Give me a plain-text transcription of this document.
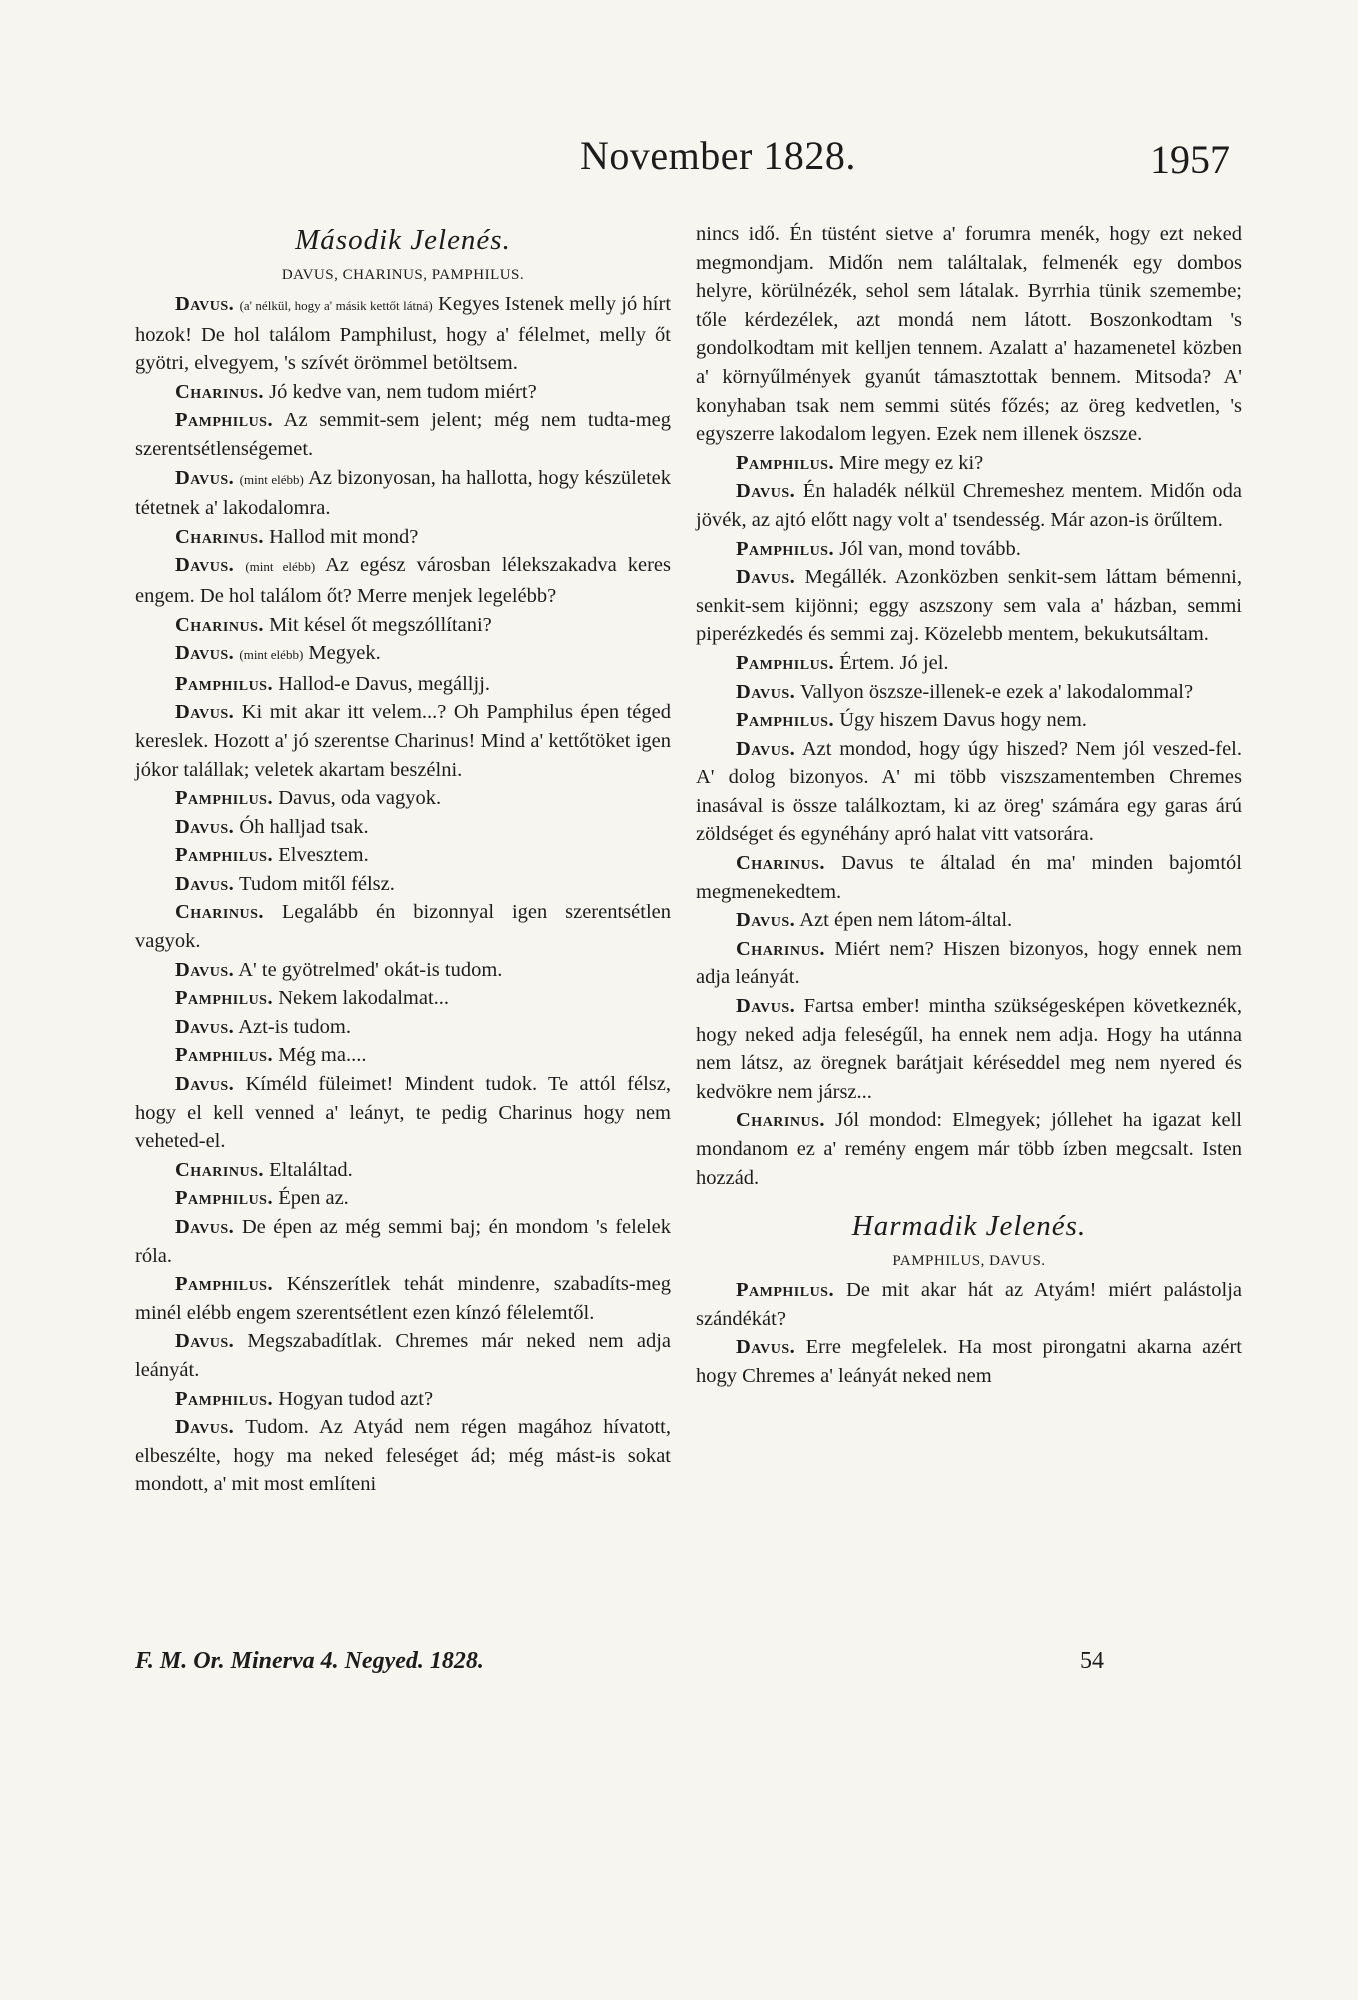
November 1828.	1957

Második Jelenés.

DAVUS, CHARINUS, PAMPHILUS.

Davus. (a' nélkül, hogy a' másik kettőt látná) Kegyes Istenek melly jó hírt hozok! De hol találom Pamphilust, hogy a' félelmet, melly őt gyötri, elvegyem, 's szívét örömmel betöltsem.

Charinus. Jó kedve van, nem tudom miért?

Pamphilus. Az semmit-sem jelent; még nem tudta-meg szerentsétlenségemet.

Davus. (mint elébb) Az bizonyosan, ha hallotta, hogy készületek tétetnek a' lakodalomra.

Charinus. Hallod mit mond?

Davus. (mint elébb) Az egész városban lélekszakadva keres engem. De hol találom őt? Merre menjek legelébb?

Charinus. Mit késel őt megszóllítani?

Davus. (mint elébb) Megyek.

Pamphilus. Hallod-e Davus, megálljj.

Davus. Ki mit akar itt velem...? Oh Pamphilus épen téged kereslek. Hozott a' jó szerentse Charinus! Mind a' kettőtöket igen jókor talállak; veletek akartam beszélni.

Pamphilus. Davus, oda vagyok.

Davus. Óh halljad tsak.

Pamphilus. Elvesztem.

Davus. Tudom mitől félsz.

Charinus. Legalább én bizonnyal igen szerentsétlen vagyok.

Davus. A' te gyötrelmed' okát-is tudom.

Pamphilus. Nekem lakodalmat...

Davus. Azt-is tudom.

Pamphilus. Még ma....

Davus. Kíméld füleimet! Mindent tudok. Te attól félsz, hogy el kell venned a' leányt, te pedig Charinus hogy nem veheted-el.

Charinus. Eltaláltad.

Pamphilus. Épen az.

Davus. De épen az még semmi baj; én mondom 's felelek róla.

Pamphilus. Kénszerítlek tehát mindenre, szabadíts-meg minél elébb engem szerentsétlent ezen kínzó félelemtől.

Davus. Megszabadítlak. Chremes már neked nem adja leányát.

Pamphilus. Hogyan tudod azt?

Davus. Tudom. Az Atyád nem régen magához hívatott, elbeszélte, hogy ma neked feleséget ád; még mást-is sokat mondott, a' mit most említeni

nincs idő. Én tüstént sietve a' forumra menék, hogy ezt neked megmondjam. Midőn nem találtalak, felmenék egy dombos helyre, körülnézék, sehol sem látalak. Byrrhia tünik szemembe; tőle kérdezélek, azt mondá nem látott. Boszonkodtam 's gondolkodtam mit kelljen tennem. Azalatt a' hazamenetel közben a' környűlmények gyanút támasztottak bennem. Mitsoda? A' konyhaban tsak nem semmi sütés főzés; az öreg kedvetlen, 's egyszerre lakodalom legyen. Ezek nem illenek öszsze.

Pamphilus. Mire megy ez ki?

Davus. Én haladék nélkül Chremeshez mentem. Midőn oda jövék, az ajtó előtt nagy volt a' tsendesség. Már azon-is örűltem.

Pamphilus. Jól van, mond tovább.

Davus. Megállék. Azonközben senkit-sem láttam bémenni, senkit-sem kijönni; eggy aszszony sem vala a' házban, semmi piperézkedés és semmi zaj. Közelebb mentem, bekukutsáltam.

Pamphilus. Értem. Jó jel.

Davus. Vallyon öszsze-illenek-e ezek a' lakodalommal?

Pamphilus. Úgy hiszem Davus hogy nem.

Davus. Azt mondod, hogy úgy hiszed? Nem jól veszed-fel. A' dolog bizonyos. A' mi több viszszamentemben Chremes inasával is össze találkoztam, ki az öreg' számára egy garas árú zöldséget és egynéhány apró halat vitt vatsorára.

Charinus. Davus te általad én ma' minden bajomtól megmenekedtem.

Davus. Azt épen nem látom-által.

Charinus. Miért nem? Hiszen bizonyos, hogy ennek nem adja leányát.

Davus. Fartsa ember! mintha szükségesképen következnék, hogy neked adja feleségűl, ha ennek nem adja. Hogy ha utánna nem látsz, az öregnek barátjait kéréseddel meg nem nyered és kedvökre nem jársz...

Charinus. Jól mondod: Elmegyek; jóllehet ha igazat kell mondanom ez a' remény engem már több ízben megcsalt. Isten hozzád.

Harmadik Jelenés.

PAMPHILUS, DAVUS.

Pamphilus. De mit akar hát az Atyám! miért palástolja szándékát?

Davus. Erre megfelelek. Ha most pirongatni akarna azért hogy Chremes a' leányát neked nem

F. M. Or. Minerva 4. Negyed. 1828.	54
